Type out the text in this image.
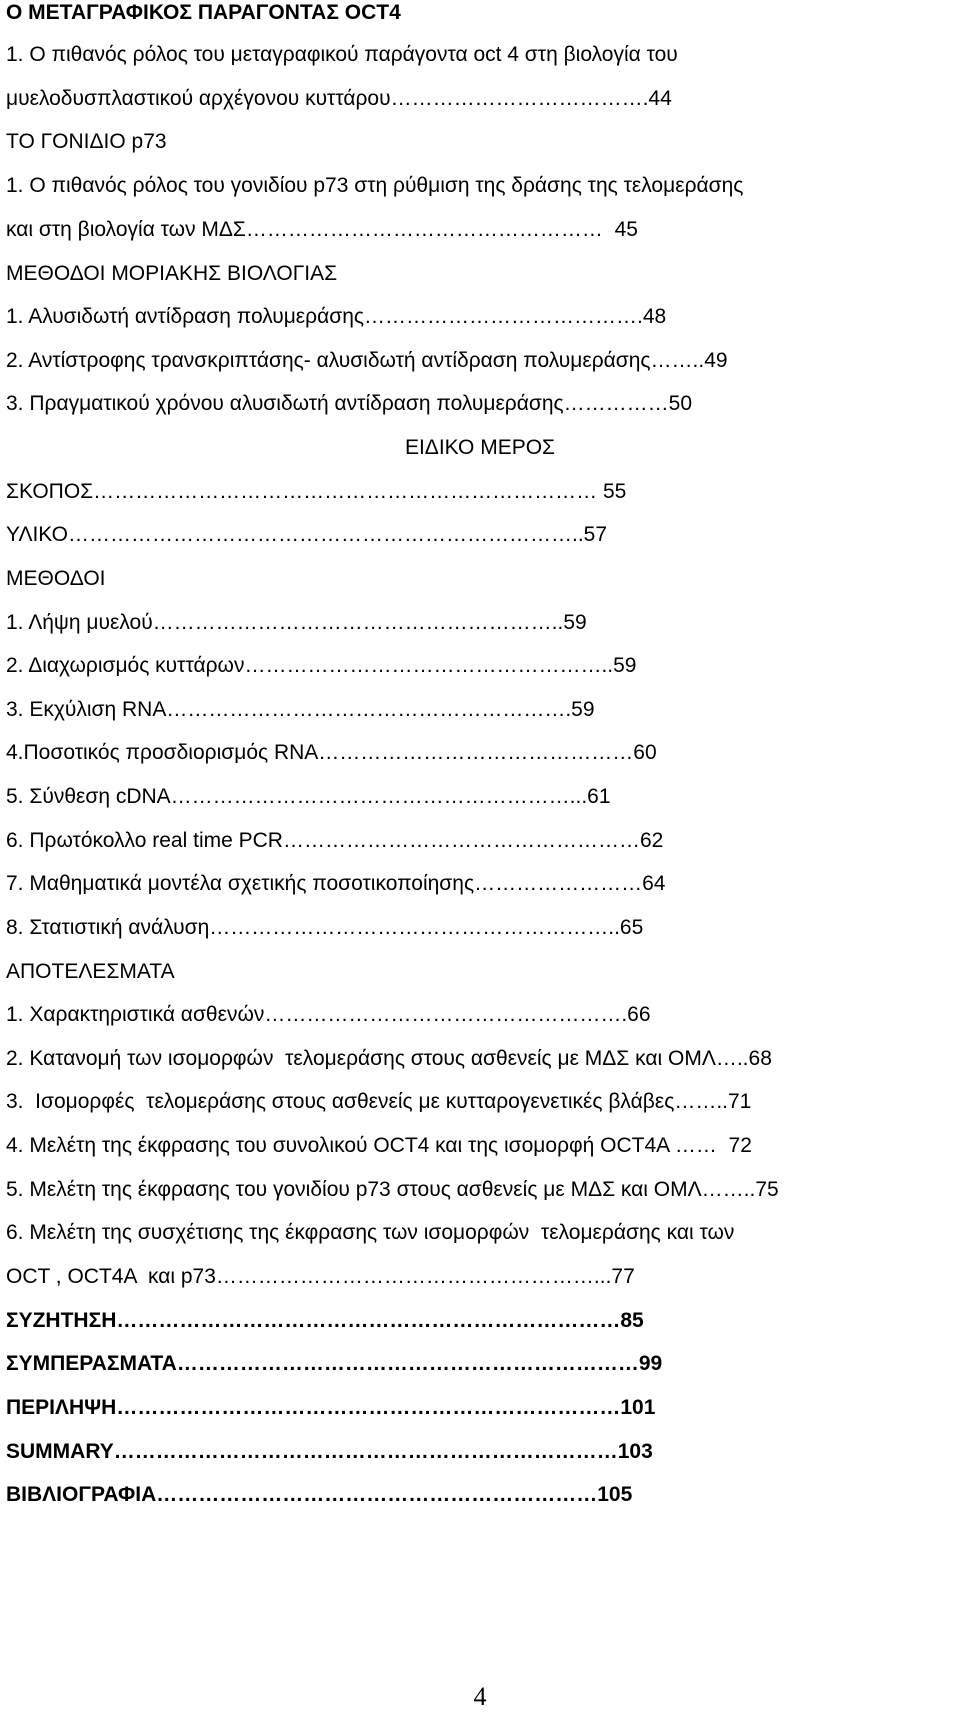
Ο ΜΕΤΑΓΡΑΦΙΚΟΣ ΠΑΡΑΓΟΝΤΑΣ OCT4
1. Ο πιθανός ρόλος του μεταγραφικού παράγοντα oct 4 στη βιολογία του
μυελοδυσπλαστικού αρχέγονου κυττάρου……………………………….44
ΤΟ ΓΟΝΙΔΙΟ p73
1. Ο πιθανός ρόλος του γονιδίου p73 στη ρύθμιση της δράσης της τελομεράσης
και στη βιολογία των ΜΔΣ……………………………………………  45
ΜΕΘΟΔΟΙ ΜΟΡΙΑΚΗΣ ΒΙΟΛΟΓΙΑΣ
1. Αλυσιδωτή αντίδραση πολυμεράσης………………………………….48
2. Αντίστροφης τρανσκριπτάσης- αλυσιδωτή αντίδραση πολυμεράσης……..49
3. Πραγματικού χρόνου αλυσιδωτή αντίδραση πολυμεράσης……………50
ΕΙΔΙΚΟ ΜΕΡΟΣ
ΣΚΟΠΟΣ……………………………………………………………… 55
ΥΛΙΚΟ………………………………………………………………..57
ΜΕΘΟΔΟΙ
1. Λήψη μυελού…………………………………………………..59
2. Διαχωρισμός κυττάρων……………………………………………..59
3. Εκχύλιση RNA………………………………………………….59
4.Ποσοτικός προσδιορισμός RNA………………………………………60
5. Σύνθεση cDNA…………………………………………………...61
6. Πρωτόκολλο real time PCR……………………………………………62
7. Μαθηματικά μοντέλα σχετικής ποσοτικοποίησης……………………64
8. Στατιστική ανάλυση…………………………………………………..65
ΑΠΟΤΕΛΕΣΜΑΤΑ
1. Χαρακτηριστικά ασθενών…………………………………………….66
2. Κατανομή των ισομορφών  τελομεράσης στους ασθενείς με ΜΔΣ και ΟΜΛ…..68
3.  Ισομορφές  τελομεράσης στους ασθενείς με κυτταρογενετικές βλάβες……..71
4. Μελέτη της έκφρασης του συνολικού OCT4 και της ισομορφή OCT4A ……  72
5. Μελέτη της έκφρασης τoυ γονιδίου p73 στους ασθενείς με ΜΔΣ και ΟΜΛ……..75
6. Μελέτη της συσχέτισης της έκφρασης των ισομορφών  τελομεράσης και των
OCT , OCT4A  και p73………………………………………………...77
ΣΥΖΗΤΗΣΗ………………………………………………………………85
ΣΥΜΠΕΡΑΣΜΑΤΑ…………………………………………………………99
ΠΕΡΙΛΗΨΗ………………………………………………………………101
SUMMARY………………………………………………………………103
ΒΙΒΛΙΟΓΡΑΦΙΑ………………………………………………………105
4
